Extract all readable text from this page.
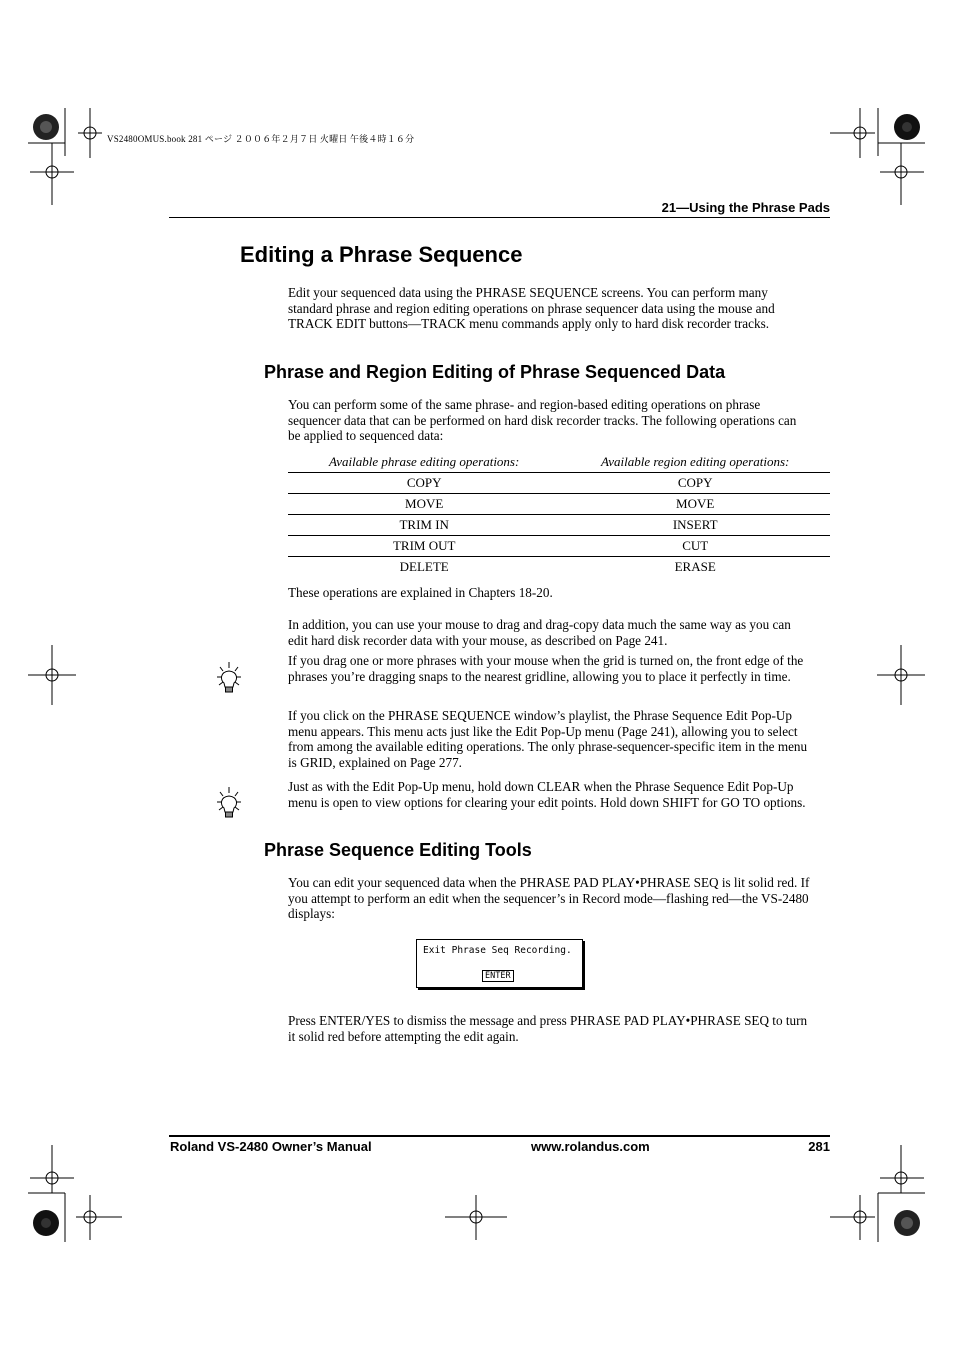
VS2480OMUS.book 281 ページ ２００６年２月７日 火曜日 午後４時１６分
21—Using the Phrase Pads
Editing a Phrase Sequence

Edit your sequenced data using the PHRASE SEQUENCE screens. You can perform many standard phrase and region editing operations on phrase sequencer data using the mouse and TRACK EDIT buttons—TRACK menu commands apply only to hard disk recorder tracks.

Phrase and Region Editing of Phrase Sequenced Data

You can perform some of the same phrase- and region-based editing operations on phrase sequencer data that can be performed on hard disk recorder tracks. The following operations can be applied to sequenced data:

Available phrase editing operations:	Available region editing operations:
COPY	COPY
MOVE	MOVE
TRIM IN	INSERT
TRIM OUT	CUT
DELETE	ERASE

These operations are explained in Chapters 18-20.

In addition, you can use your mouse to drag and drag-copy data much the same way as you can edit hard disk recorder data with your mouse, as described on Page 241.

If you drag one or more phrases with your mouse when the grid is turned on, the front edge of the phrases you’re dragging snaps to the nearest gridline, allowing you to place it perfectly in time.

If you click on the PHRASE SEQUENCE window’s playlist, the Phrase Sequence Edit Pop-Up menu appears. This menu acts just like the Edit Pop-Up menu (Page 241), allowing you to select from among the available editing operations. The only phrase-sequencer-specific item in the menu is GRID, explained on Page 277.

Just as with the Edit Pop-Up menu, hold down CLEAR when the Phrase Sequence Edit Pop-Up menu is open to view options for clearing your edit points. Hold down SHIFT for GO TO options.

Phrase Sequence Editing Tools

You can edit your sequenced data when the PHRASE PAD PLAY•PHRASE SEQ is lit solid red. If you attempt to perform an edit when the sequencer’s in Record mode—flashing red—the VS-2480 displays:

Exit Phrase Seq Recording.
ENTER

Press ENTER/YES to dismiss the message and press PHRASE PAD PLAY•PHRASE SEQ to turn it solid red before attempting the edit again.

Roland VS-2480 Owner’s Manual	www.rolandus.com	281
